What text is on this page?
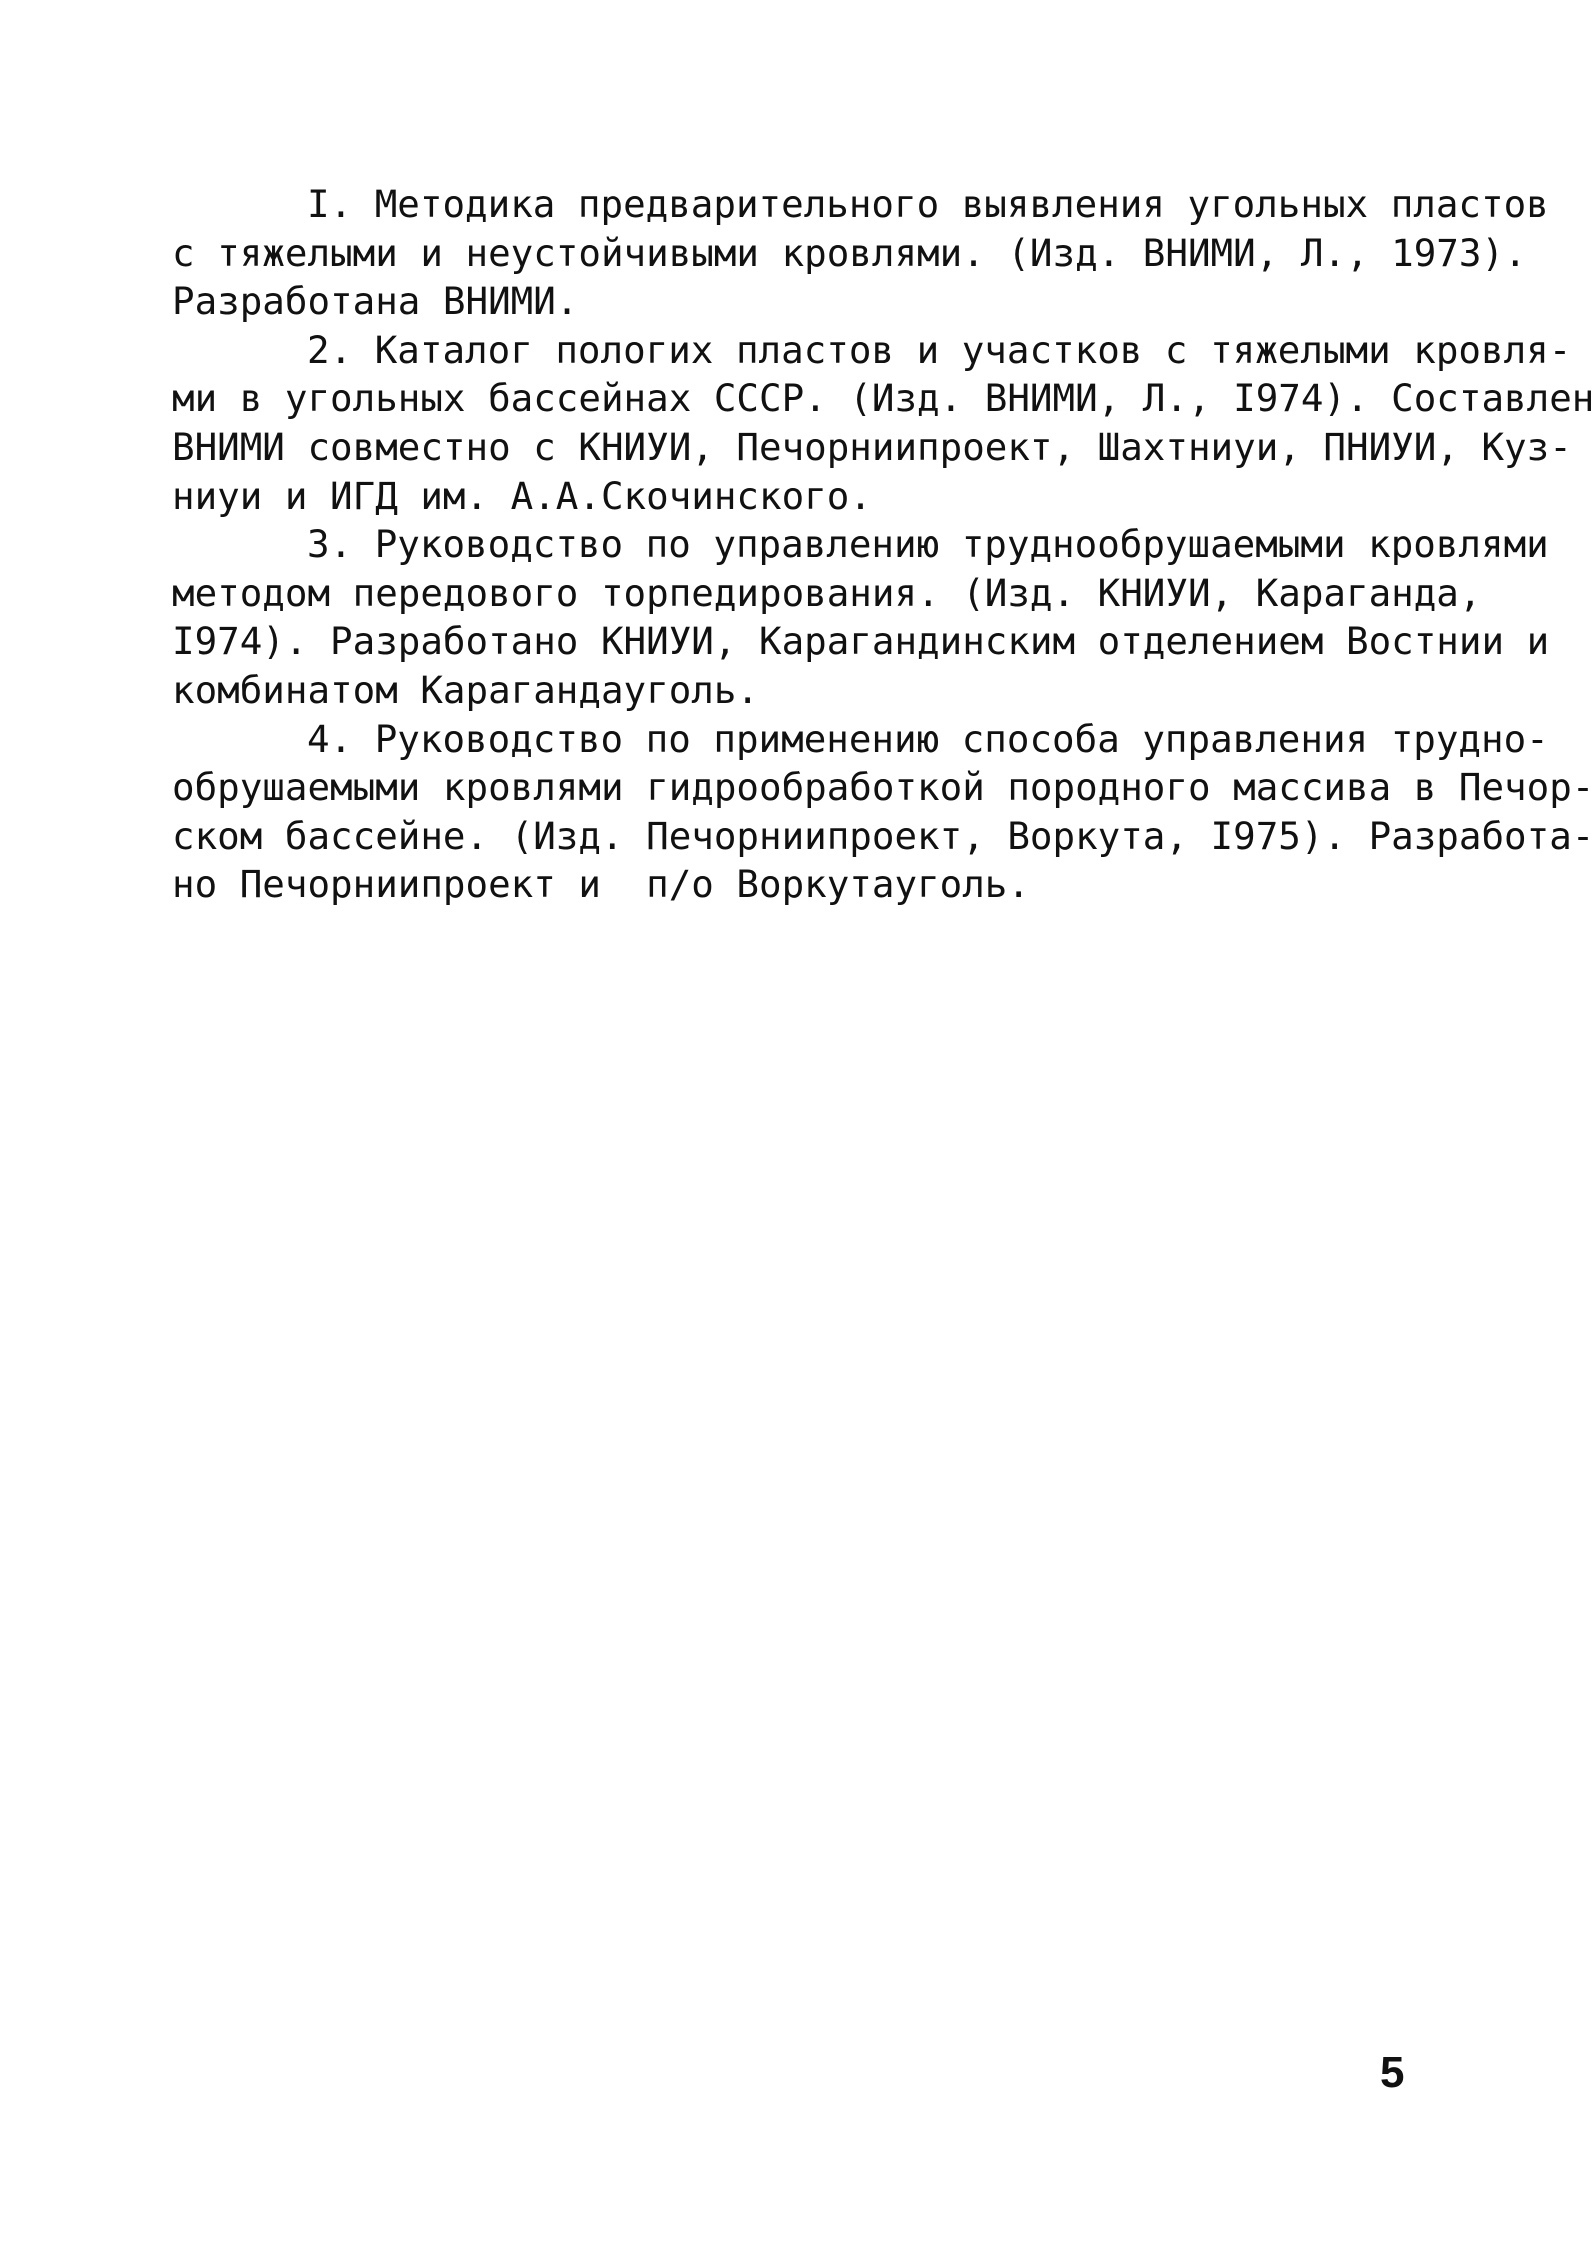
I. Методика предварительного выявления угольных пластов
с тяжелыми и неустойчивыми кровлями. (Изд. ВНИМИ, Л., 1973).
Разработана ВНИМИ.
2. Каталог пологих пластов и участков с тяжелыми кровля-
ми в угольных бассейнах СССР. (Изд. ВНИМИ, Л., I974). Составлен
ВНИМИ совместно с КНИУИ, Печорниипроект, Шахтниуи, ПНИУИ, Куз-
ниуи и ИГД им. А.А.Скочинского.
3. Руководство по управлению труднообрушаемыми кровлями
методом передового торпедирования. (Изд. КНИУИ, Караганда,
I974). Разработано КНИУИ, Карагандинским отделением Востнии и
комбинатом Карагандауголь.
4. Руководство по применению способа управления трудно-
обрушаемыми кровлями гидрообработкой породного массива в Печор-
ском бассейне. (Изд. Печорниипроект, Воркута, I975). Разработа-
но Печорниипроект и  п/о Воркутауголь.
5
